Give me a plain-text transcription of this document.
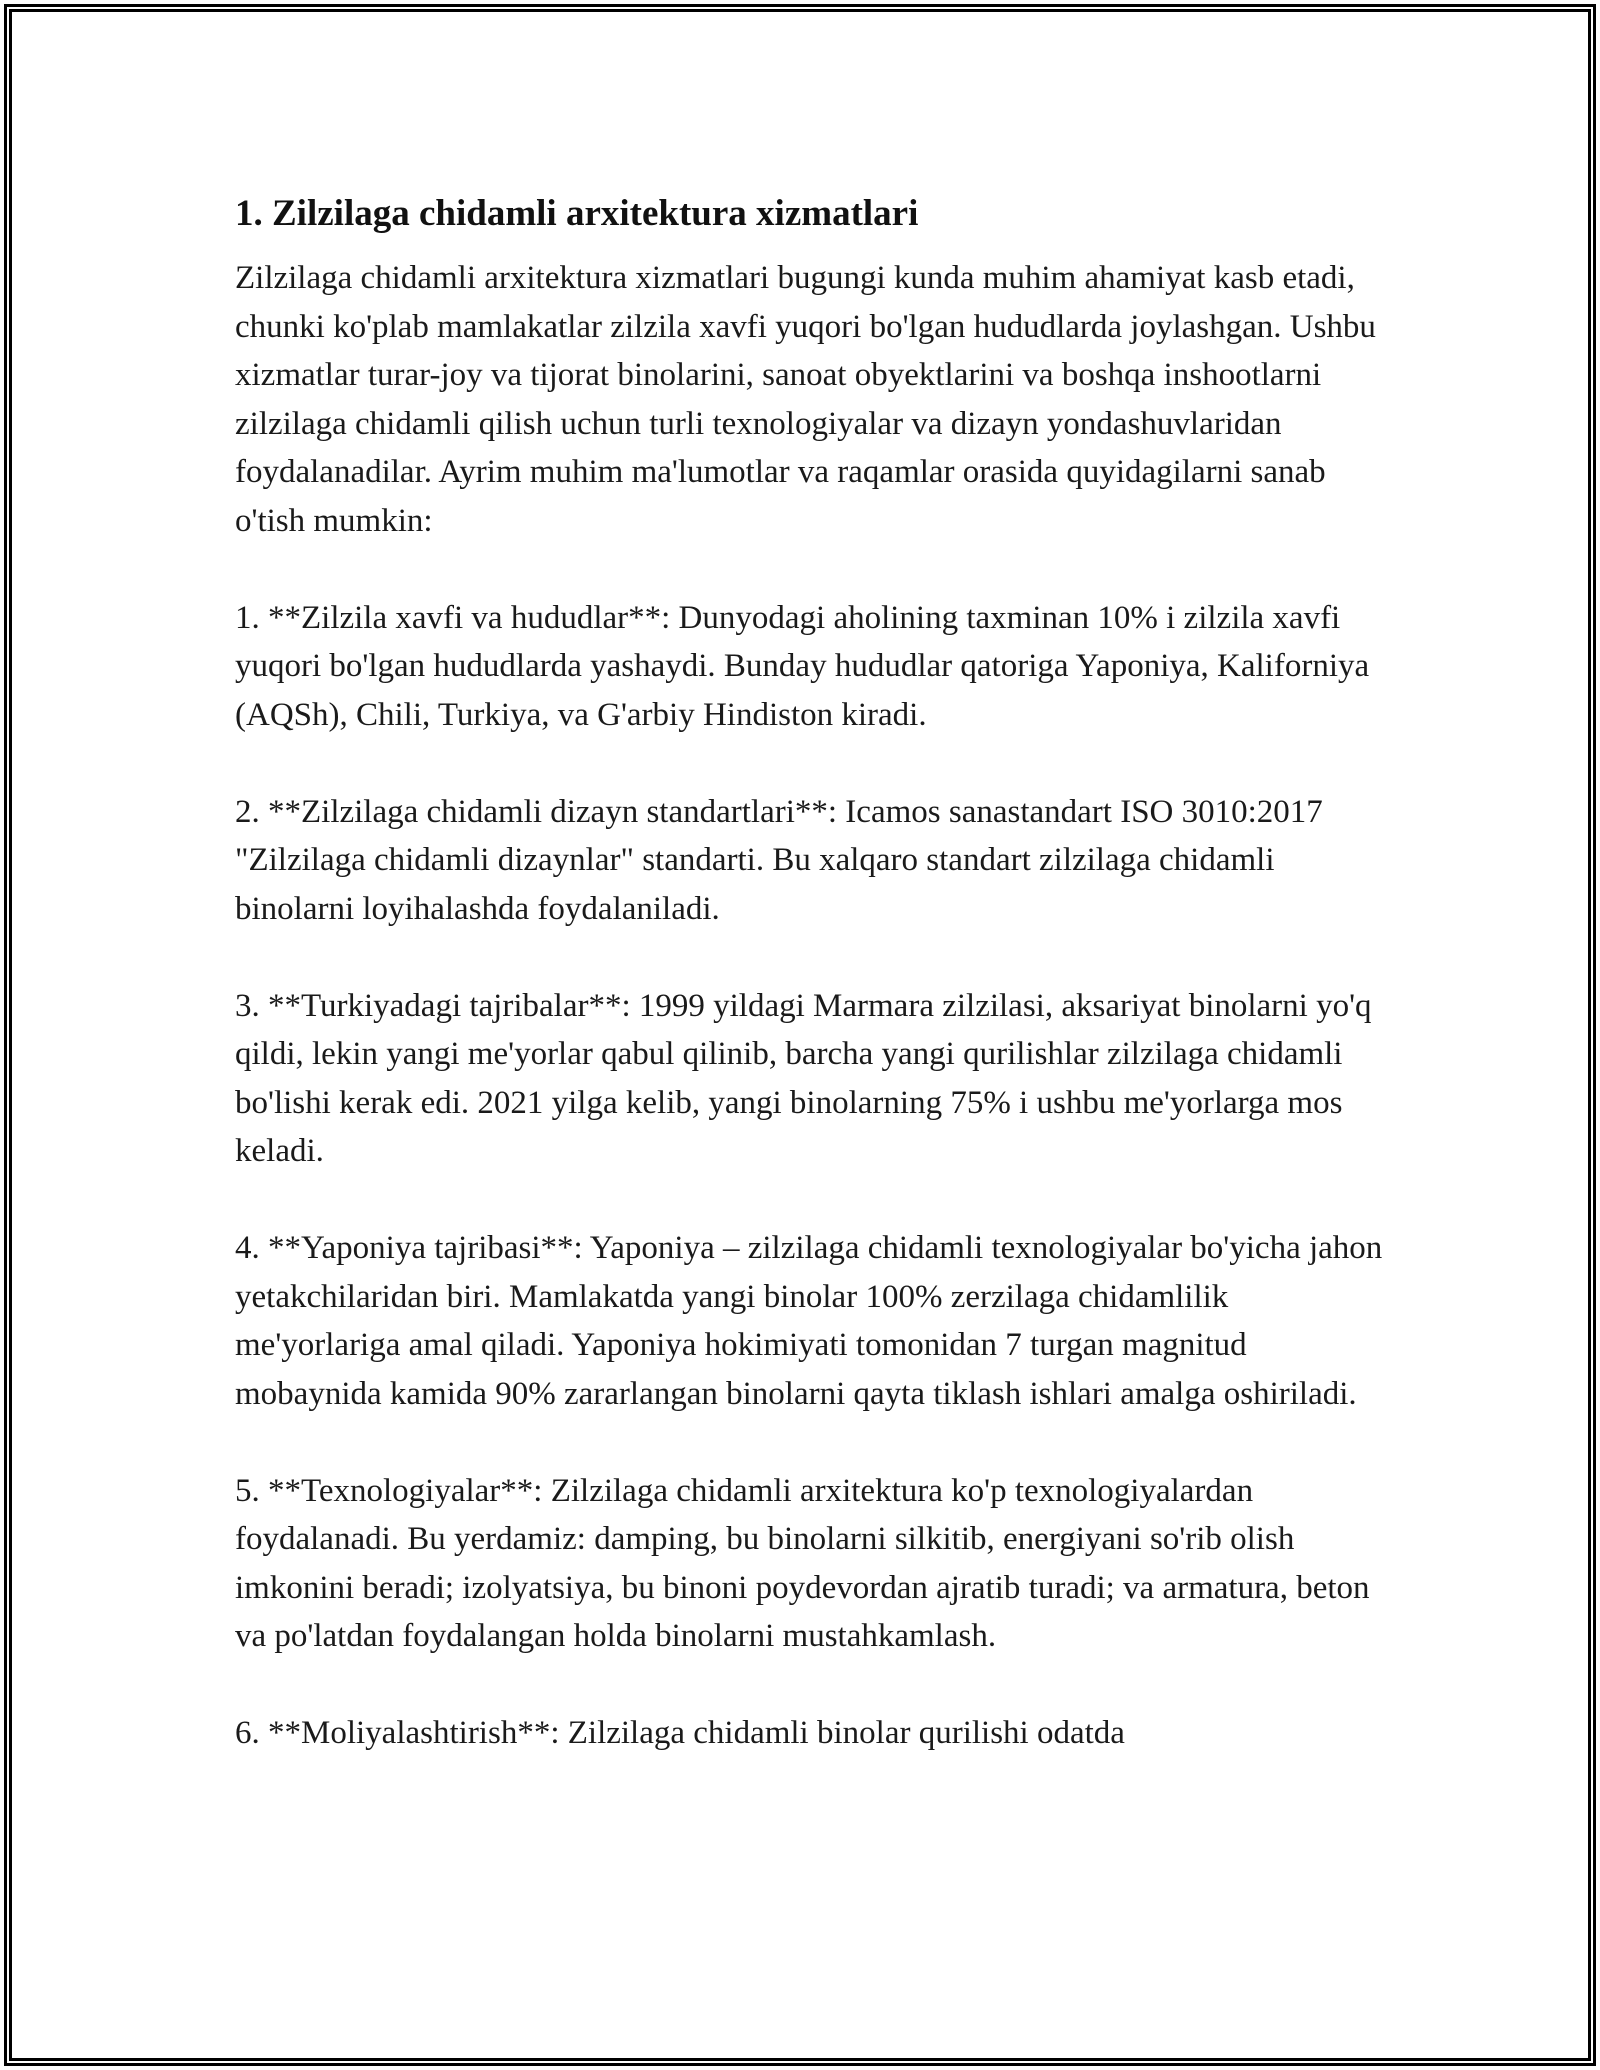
1. Zilzilaga chidamli arxitektura xizmatlari

Zilzilaga chidamli arxitektura xizmatlari bugungi kunda muhim ahamiyat kasb etadi, chunki ko'plab mamlakatlar zilzila xavfi yuqori bo'lgan hududlarda joylashgan. Ushbu xizmatlar turar-joy va tijorat binolarini, sanoat obyektlarini va boshqa inshootlarni zilzilaga chidamli qilish uchun turli texnologiyalar va dizayn yondashuvlaridan foydalanadilar. Ayrim muhim ma'lumotlar va raqamlar orasida quyidagilarni sanab o'tish mumkin:

1. **Zilzila xavfi va hududlar**: Dunyodagi aholining taxminan 10% i zilzila xavfi yuqori bo'lgan hududlarda yashaydi. Bunday hududlar qatoriga Yaponiya, Kaliforniya (AQSh), Chili, Turkiya, va G'arbiy Hindiston kiradi.

2. **Zilzilaga chidamli dizayn standartlari**: Icamos sanastandart ISO 3010:2017 "Zilzilaga chidamli dizaynlar" standarti. Bu xalqaro standart zilzilaga chidamli binolarni loyihalashda foydalaniladi.

3. **Turkiyadagi tajribalar**: 1999 yildagi Marmara zilzilasi, aksariyat binolarni yo'q qildi, lekin yangi me'yorlar qabul qilinib, barcha yangi qurilishlar zilzilaga chidamli bo'lishi kerak edi. 2021 yilga kelib, yangi binolarning 75% i ushbu me'yorlarga mos keladi.

4. **Yaponiya tajribasi**: Yaponiya – zilzilaga chidamli texnologiyalar bo'yicha jahon yetakchilaridan biri. Mamlakatda yangi binolar 100% zerzilaga chidamlilik me'yorlariga amal qiladi. Yaponiya hokimiyati tomonidan 7 turgan magnitud mobaynida kamida 90% zararlangan binolarni qayta tiklash ishlari amalga oshiriladi.

5. **Texnologiyalar**: Zilzilaga chidamli arxitektura ko'p texnologiyalardan foydalanadi. Bu yerdamiz: damping, bu binolarni silkitib, energiyani so'rib olish imkonini beradi; izolyatsiya, bu binoni poydevordan ajratib turadi; va armatura, beton va po'latdan foydalangan holda binolarni mustahkamlash.

6. **Moliyalashtirish**: Zilzilaga chidamli binolar qurilishi odatda
